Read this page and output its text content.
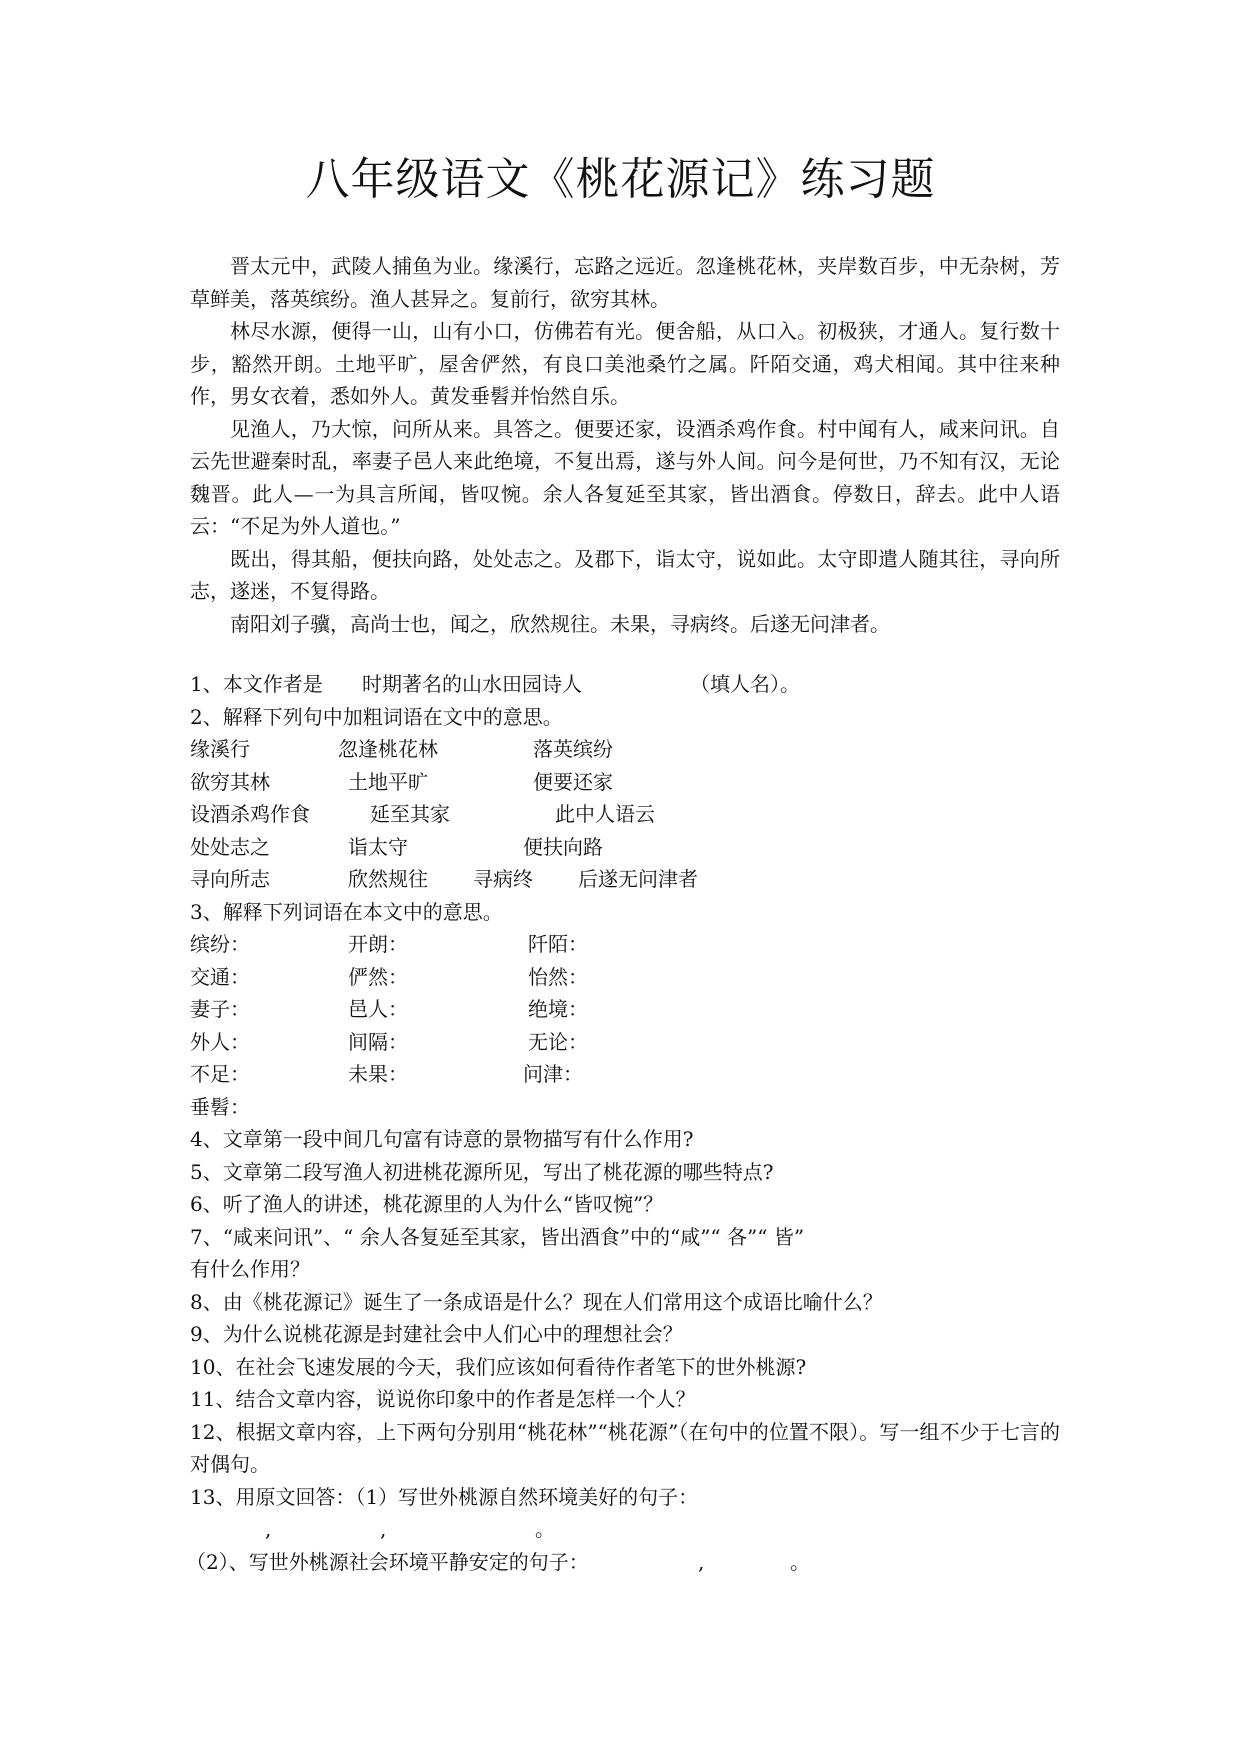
八年级语文《桃花源记》练习题

晋太元中，武陵人捕鱼为业。缘溪行，忘路之远近。忽逢桃花林，夹岸数百步，中无杂树，芳草鲜美，落英缤纷。渔人甚异之。复前行，欲穷其林。

林尽水源，便得一山，山有小口，仿佛若有光。便舍船，从口入。初极狭，才通人。复行数十步，豁然开朗。土地平旷，屋舍俨然，有良口美池桑竹之属。阡陌交通，鸡犬相闻。其中往来种作，男女衣着，悉如外人。黄发垂髫并怡然自乐。

见渔人，乃大惊，问所从来。具答之。便要还家，设酒杀鸡作食。村中闻有人，咸来问讯。自云先世避秦时乱，率妻子邑人来此绝境，不复出焉，遂与外人间。问今是何世，乃不知有汉，无论魏晋。此人—一为具言所闻，皆叹惋。余人各复延至其家，皆出酒食。停数日，辞去。此中人语云：“不足为外人道也。”

既出，得其船，便扶向路，处处志之。及郡下，诣太守，说如此。太守即遣人随其往，寻向所志，遂迷，不复得路。

南阳刘子骥，高尚士也，闻之，欣然规往。未果，寻病终。后遂无问津者。

1、本文作者是 时期著名的山水田园诗人	（填人名）。
2、解释下列句中加粗词语在文中的意思。
缘溪行	忽逢桃花林	落英缤纷
欲穷其林	土地平旷	便要还家
设酒杀鸡作食	延至其家	此中人语云
处处志之	诣太守	便扶向路
寻向所志	欣然规往 寻病终 后遂无问津者
3、解释下列词语在本文中的意思。
缤纷：	开朗：	阡陌：
交通：	俨然：	怡然：
妻子：	邑人：	绝境：
外人：	间隔：	无论：
不足：	未果：	问津：
垂髫：
4、文章第一段中间几句富有诗意的景物描写有什么作用?
5、文章第二段写渔人初进桃花源所见，写出了桃花源的哪些特点?
6、听了渔人的讲述，桃花源里的人为什么“皆叹惋”？
7、“咸来问讯”、“ 余人各复延至其家，皆出酒食”中的“咸”“ 各”“ 皆”
有什么作用？
8、由《桃花源记》诞生了一条成语是什么？现在人们常用这个成语比喻什么？
9、为什么说桃花源是封建社会中人们心中的理想社会？
10、在社会飞速发展的今天，我们应该如何看待作者笔下的世外桃源?
11、结合文章内容，说说你印象中的作者是怎样一个人？

12、根据文章内容，上下两句分别用“桃花林”“桃花源”（在句中的位置不限）。写一组不少于七言的对偶句。

13、用原文回答：（1）写世外桃源自然环境美好的句子：
,	,	。
（2）、写世外桃源社会环境平静安定的句子：	,	。
